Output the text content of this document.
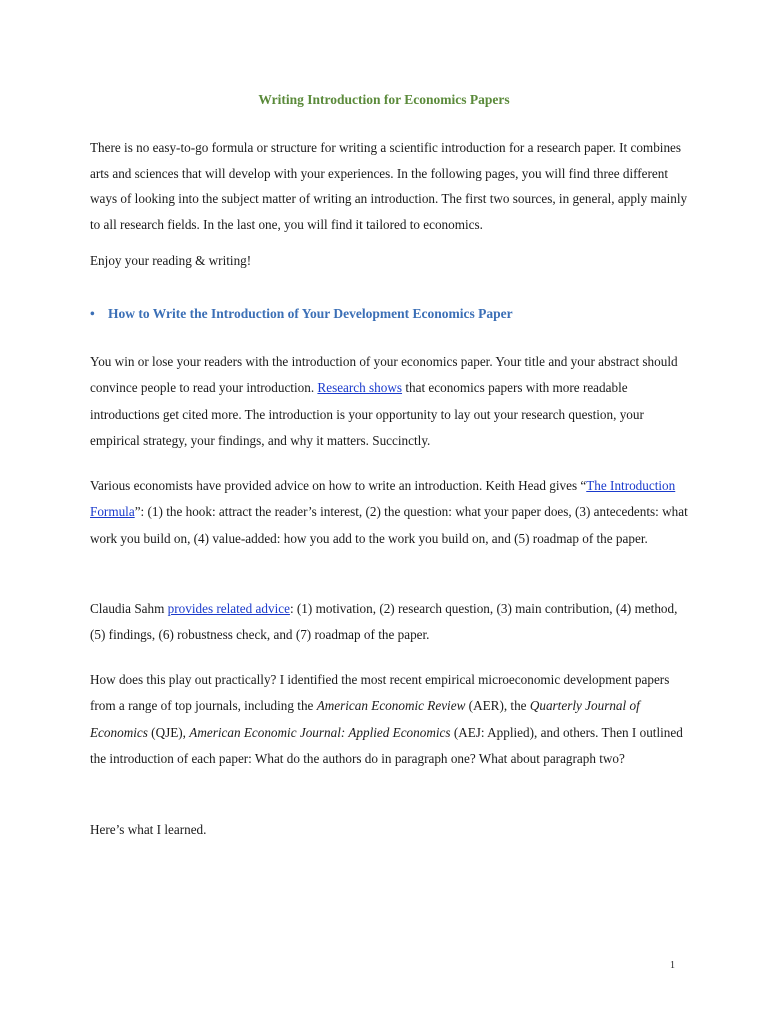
Writing Introduction for Economics Papers

There is no easy-to-go formula or structure for writing a scientific introduction for a research paper. It combines arts and sciences that will develop with your experiences. In the following pages, you will find three different ways of looking into the subject matter of writing an introduction. The first two sources, in general, apply mainly to all research fields. In the last one, you will find it tailored to economics.

Enjoy your reading & writing!

• How to Write the Introduction of Your Development Economics Paper

You win or lose your readers with the introduction of your economics paper. Your title and your abstract should convince people to read your introduction. Research shows that economics papers with more readable introductions get cited more. The introduction is your opportunity to lay out your research question, your empirical strategy, your findings, and why it matters. Succinctly.

Various economists have provided advice on how to write an introduction. Keith Head gives “The Introduction Formula”: (1) the hook: attract the reader’s interest, (2) the question: what your paper does, (3) antecedents: what work you build on, (4) value-added: how you add to the work you build on, and (5) roadmap of the paper.

Claudia Sahm provides related advice: (1) motivation, (2) research question, (3) main contribution, (4) method, (5) findings, (6) robustness check, and (7) roadmap of the paper.

How does this play out practically? I identified the most recent empirical microeconomic development papers from a range of top journals, including the American Economic Review (AER), the Quarterly Journal of Economics (QJE), American Economic Journal: Applied Economics (AEJ: Applied), and others. Then I outlined the introduction of each paper: What do the authors do in paragraph one? What about paragraph two?

Here’s what I learned.

1
